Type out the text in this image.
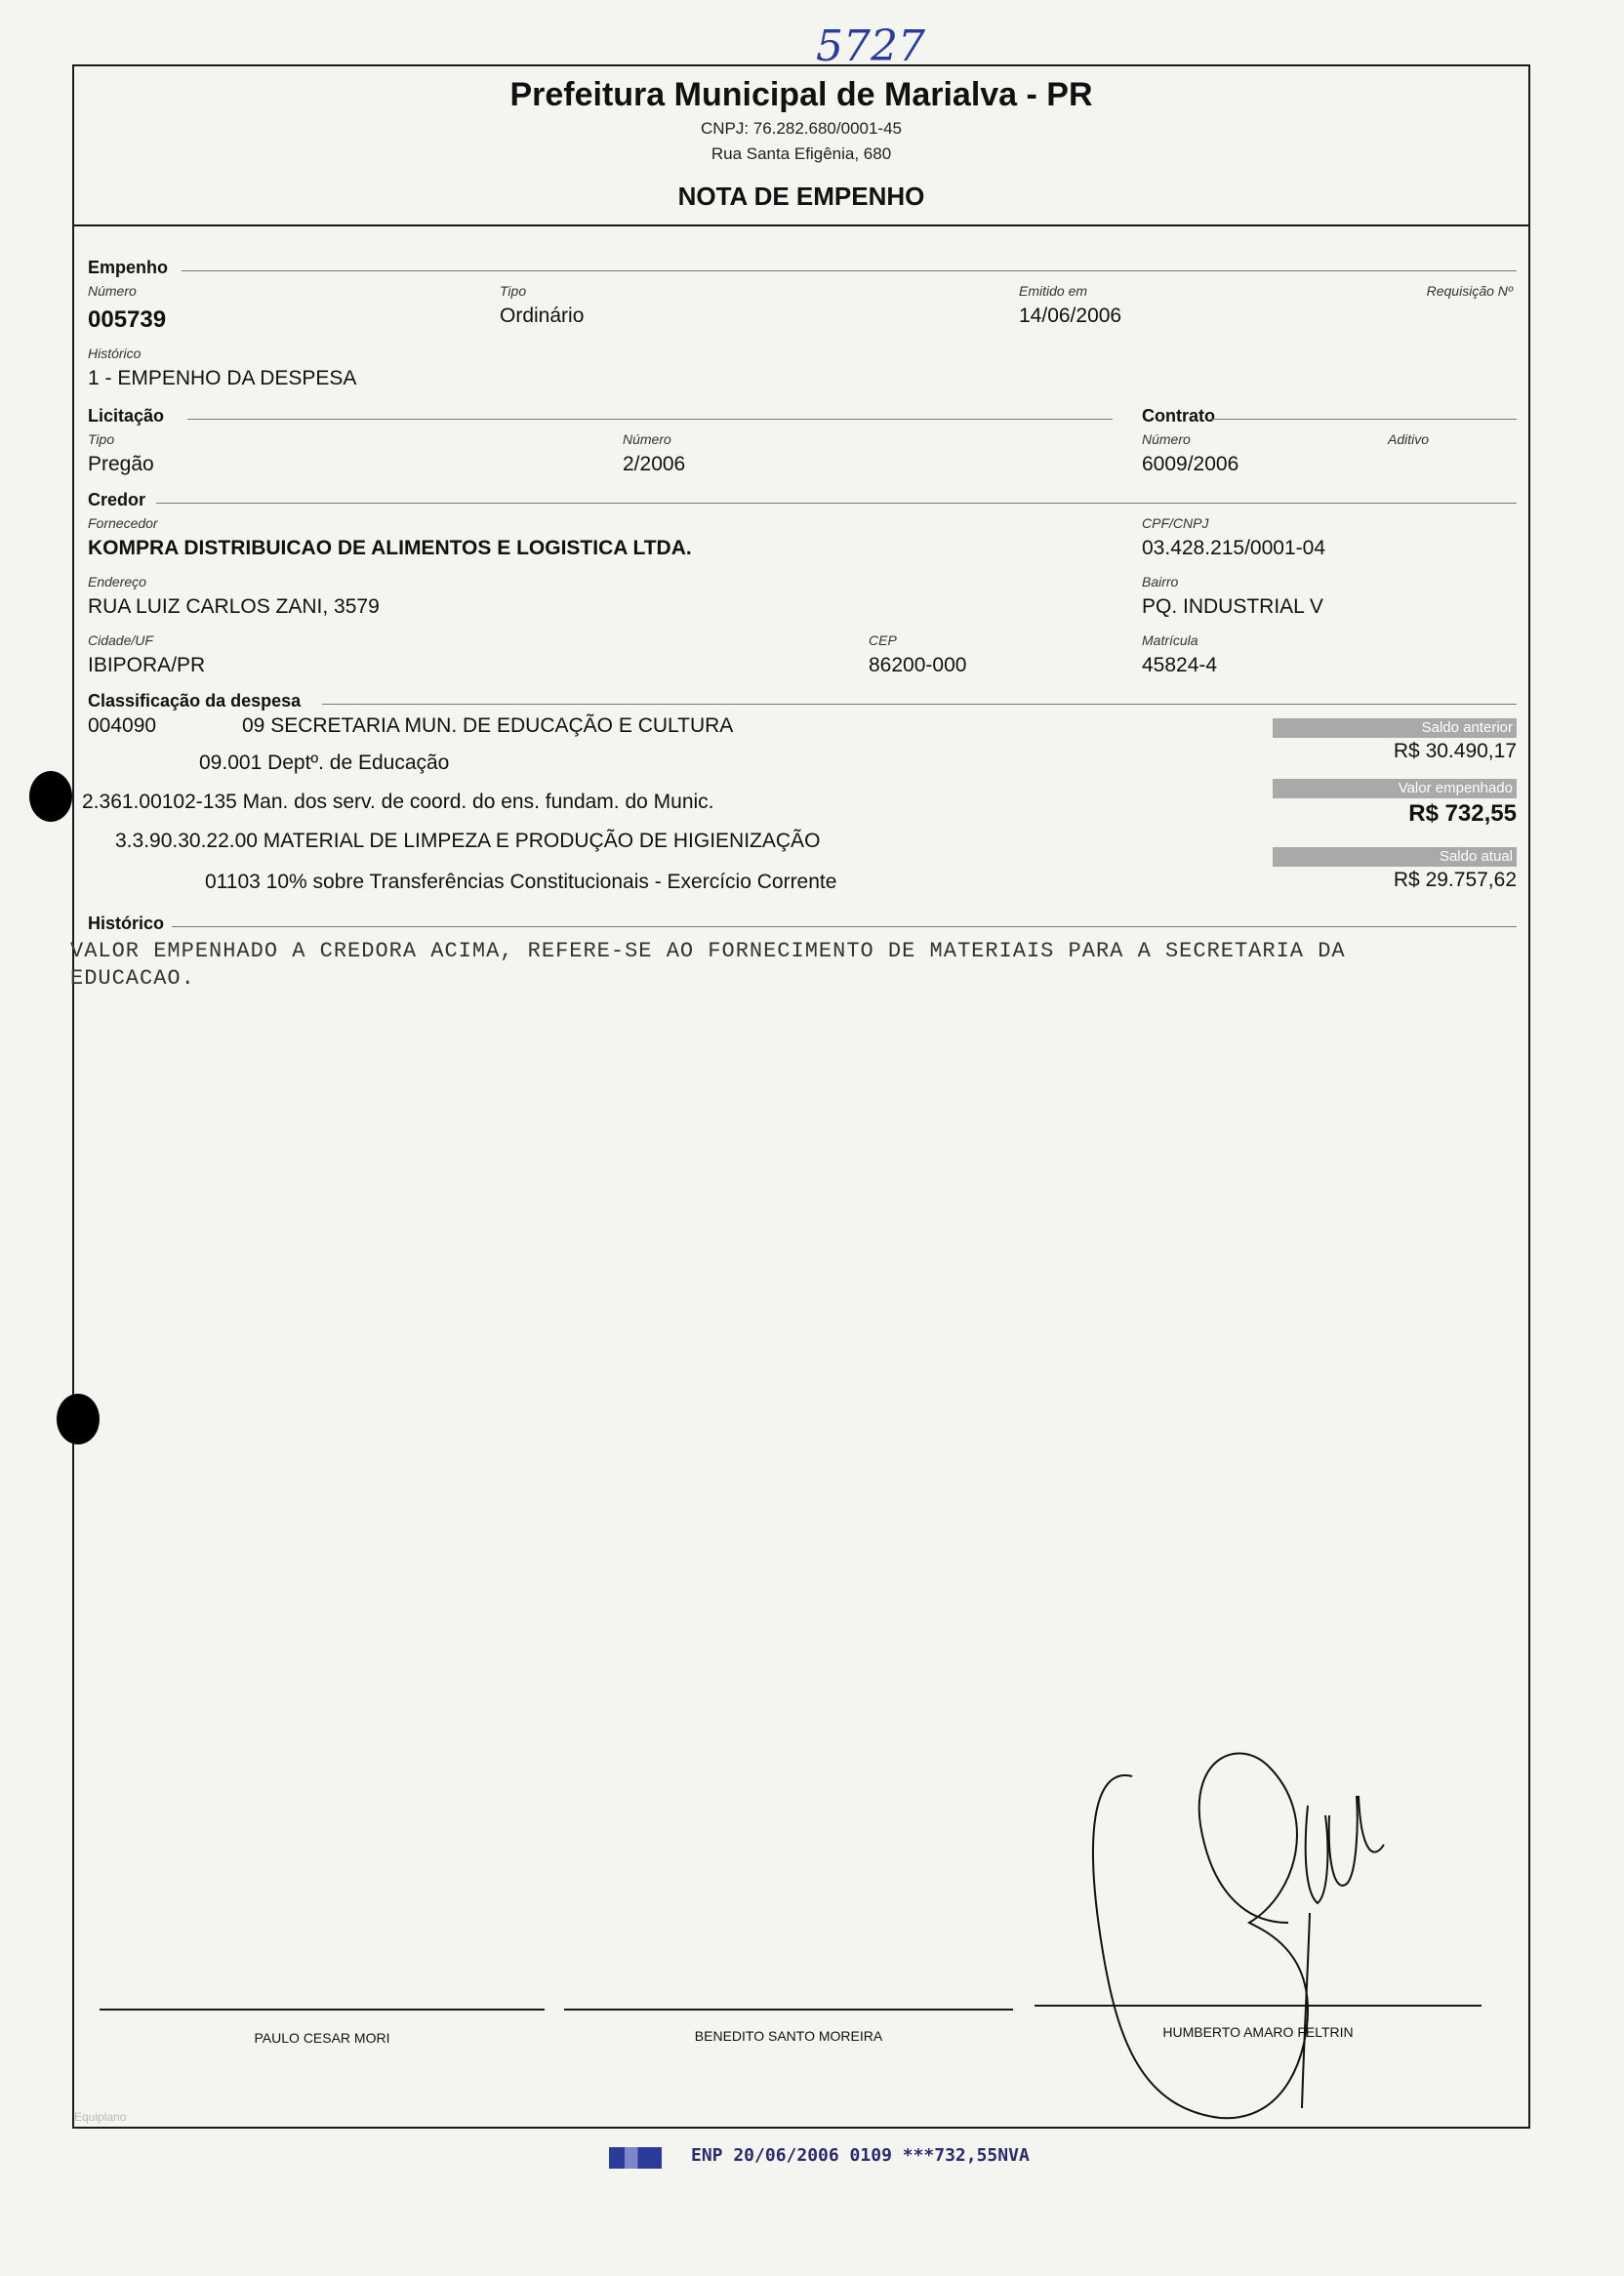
5727
Prefeitura Municipal de Marialva - PR
CNPJ: 76.282.680/0001-45
Rua Santa Efigênia, 680
NOTA DE EMPENHO
Empenho
Número
005739
Tipo
Ordinário
Emitido em
14/06/2006
Requisição Nº
Histórico
1 - EMPENHO DA DESPESA
Licitação	Contrato
Tipo
Pregão
Número
2/2006
Número
6009/2006
Aditivo
Credor
Fornecedor
KOMPRA DISTRIBUICAO DE ALIMENTOS E LOGISTICA LTDA.
CPF/CNPJ
03.428.215/0001-04
Endereço
RUA LUIZ CARLOS ZANI, 3579
Bairro
PQ. INDUSTRIAL V
Cidade/UF
IBIPORA/PR
CEP
86200-000
Matrícula
45824-4
Classificação da despesa
004090	09 SECRETARIA MUN. DE EDUCAÇÃO E CULTURA
09.001 Deptº. de Educação
2.361.00102-135 Man. dos serv. de coord. do ens. fundam. do Munic.
3.3.90.30.22.00 MATERIAL DE LIMPEZA E PRODUÇÃO DE HIGIENIZAÇÃO
01103 10% sobre Transferências Constitucionais - Exercício Corrente
Saldo anterior
R$ 30.490,17
Valor empenhado
R$ 732,55
Saldo atual
R$ 29.757,62
Histórico
VALOR EMPENHADO A CREDORA ACIMA, REFERE-SE AO FORNECIMENTO DE MATERIAIS PARA A SECRETARIA DA
EDUCACAO.
PAULO CESAR MORI	BENEDITO SANTO MOREIRA	HUMBERTO AMARO FELTRIN
Equiplano
ENP 20/06/2006 0109 ***732,55NVA
